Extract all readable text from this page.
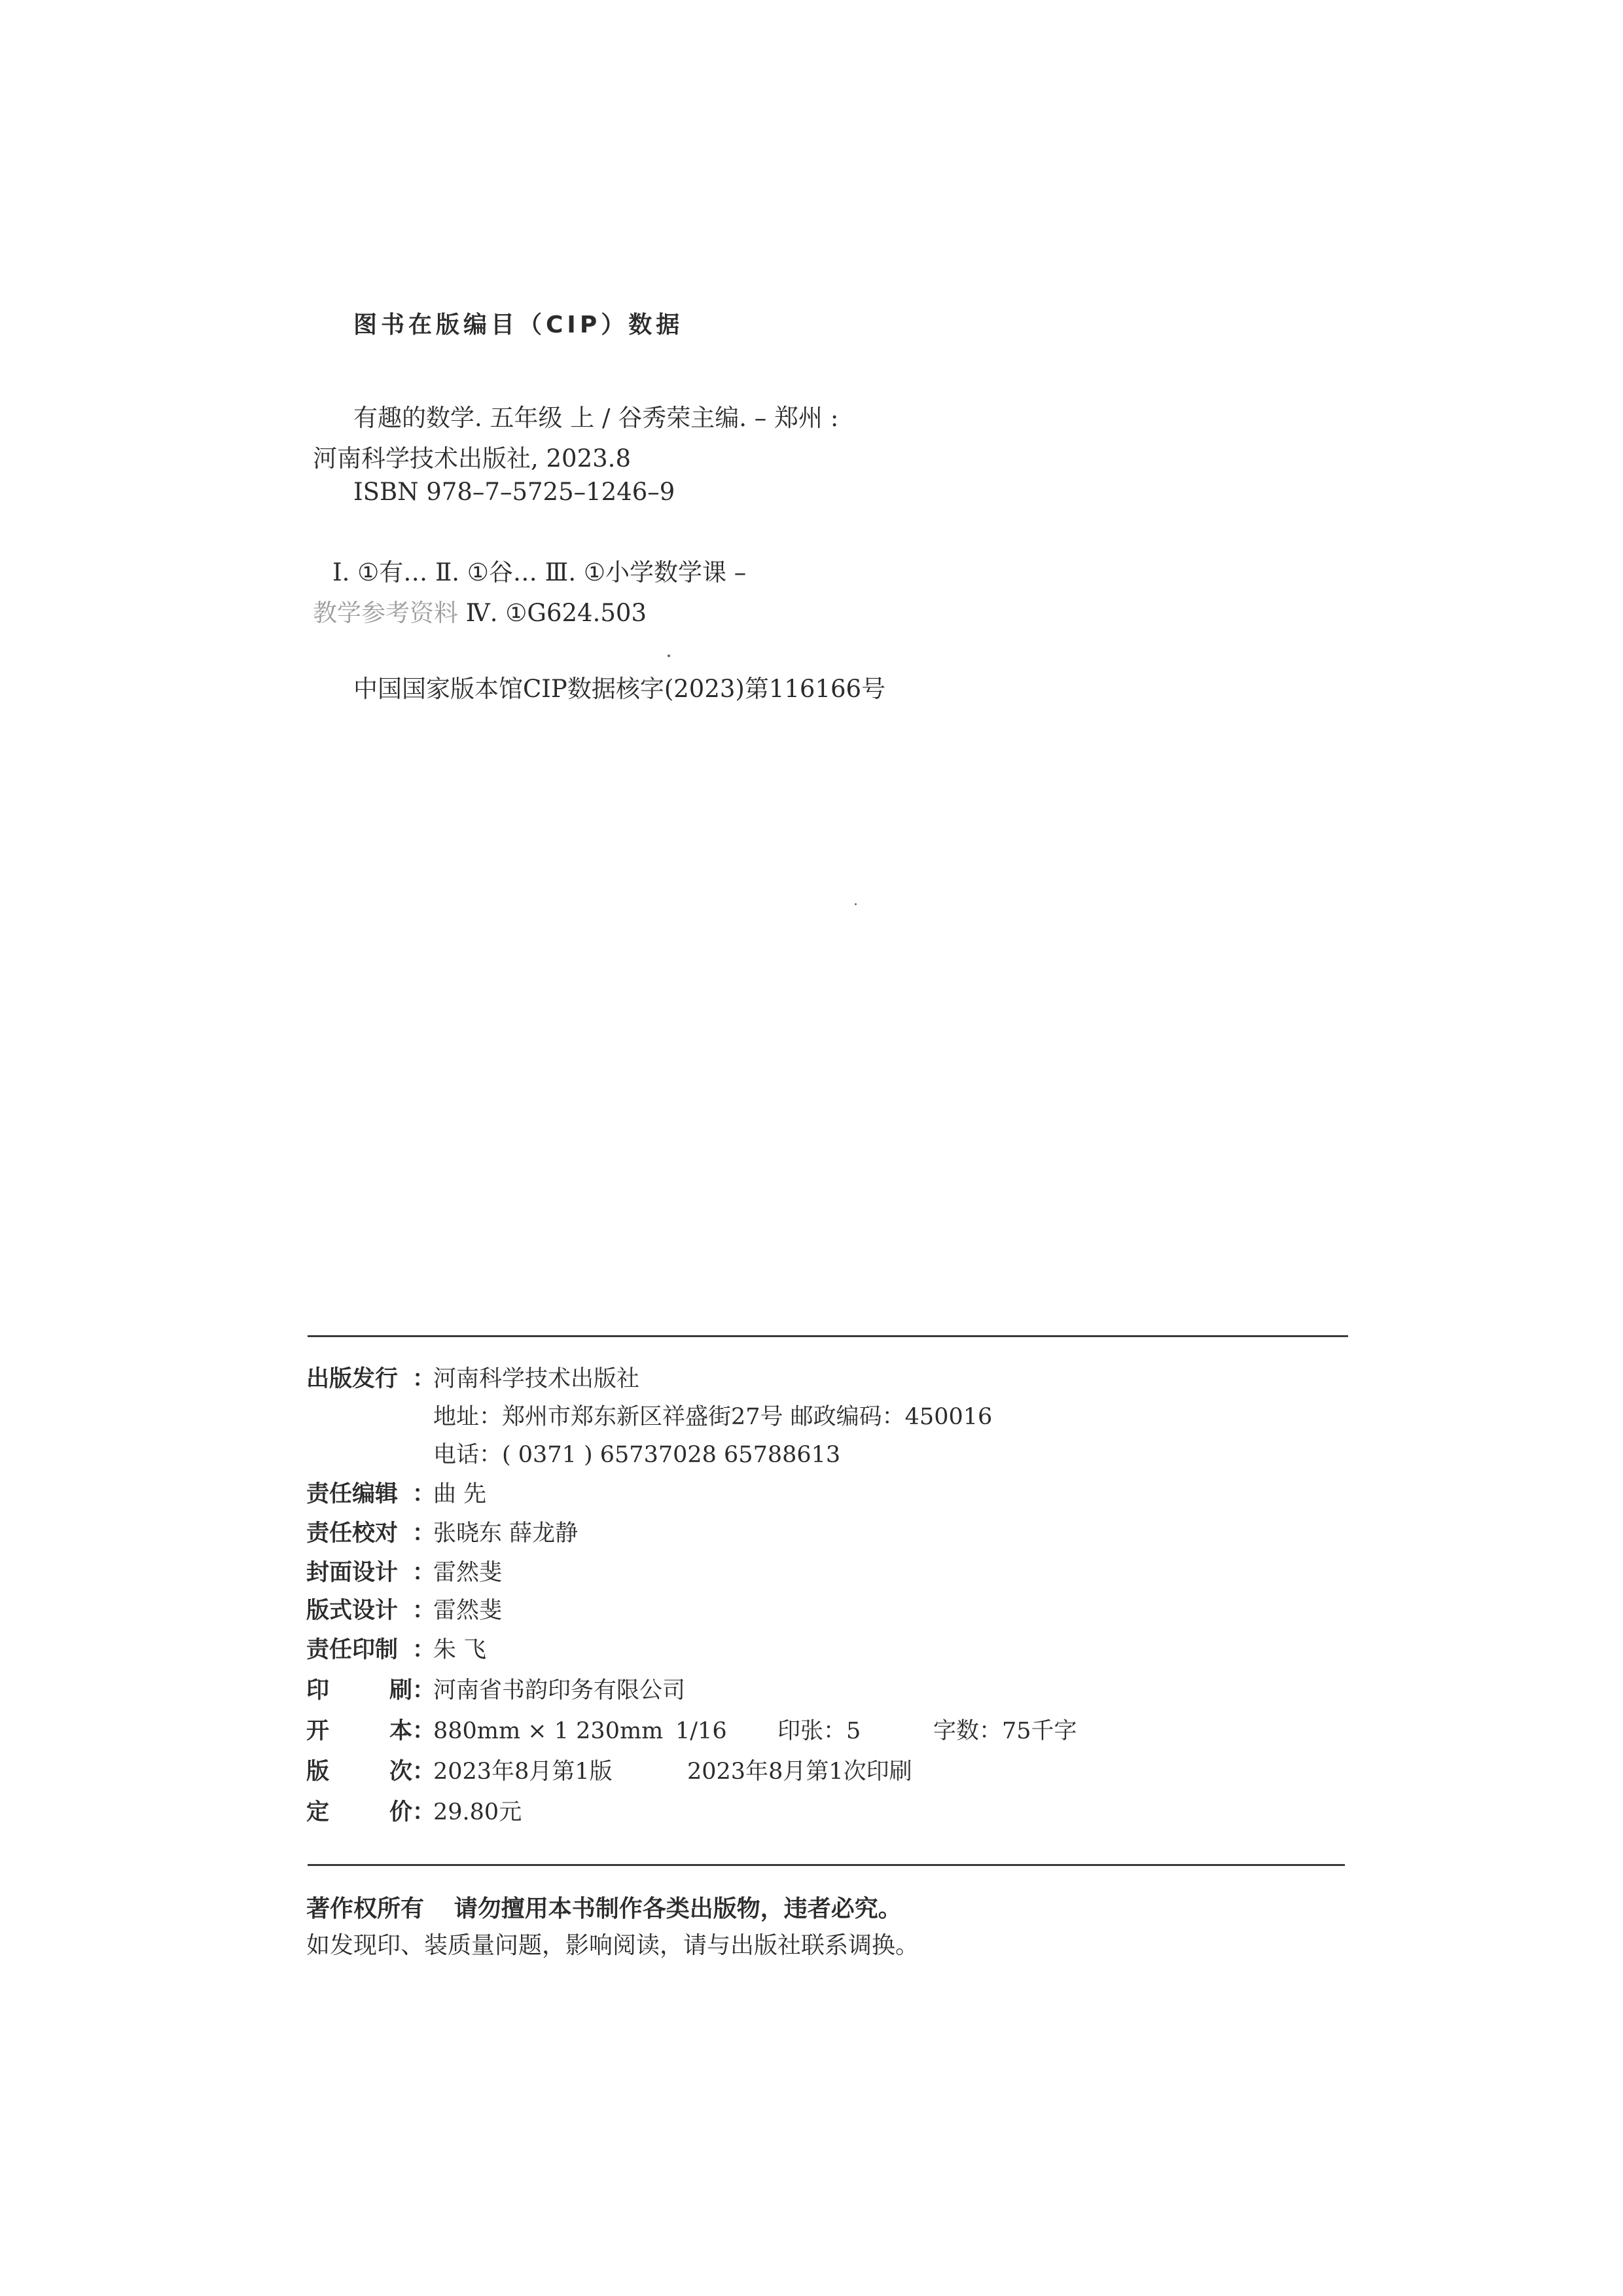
图书在版编目（CIP）数据
有趣的数学. 五年级 上 / 谷秀荣主编. – 郑州 :
河南科学技术出版社, 2023.8
ISBN 978–7–5725–1246–9
Ⅰ. ①有… Ⅱ. ①谷… Ⅲ. ①小学数学课 –
教学参考资料 Ⅳ. ①G624.503
中国国家版本馆CIP数据核字(2023)第116166号
出版发行 ：
河南科学技术出版社
地址：郑州市郑东新区祥盛街27号 邮政编码：450016
电话：( 0371 ) 65737028 65788613
责任编辑 ：
曲 先
责任校对 ：
张晓东 薛龙静
封面设计 ：
雷然斐
版式设计 ：
雷然斐
责任印制 ：
朱 飞
印	刷 ：
河南省书韵印务有限公司
开	本 ：
880mm × 1 230mm 1/16 印张：5	字数：75千字
版	次 ：
2023年8月第1版	2023年8月第1次印刷
定	价 ：
29.80元
著作权所有 请勿擅用本书制作各类出版物，违者必究。
如发现印、装质量问题，影响阅读，请与出版社联系调换。
